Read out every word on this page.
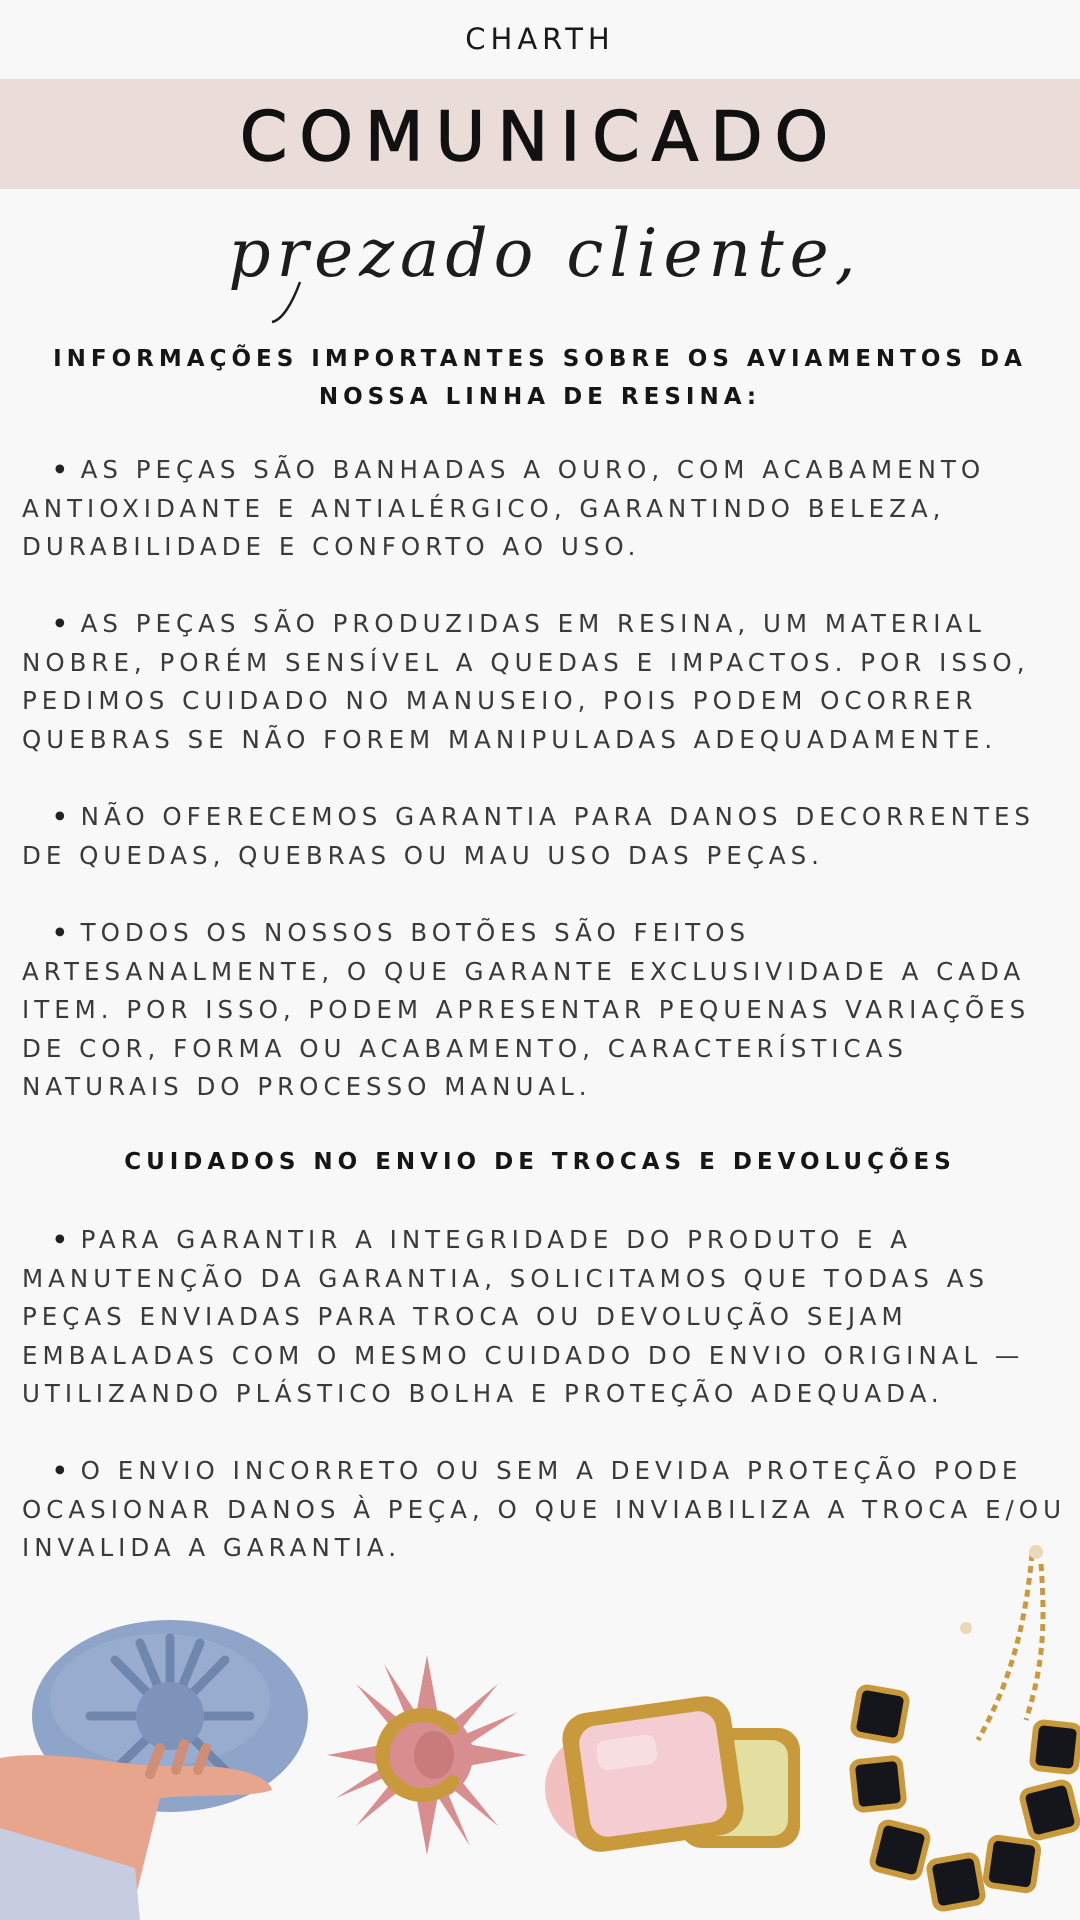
CHARTH
COMUNICADO
prezado cliente,
INFORMAÇÕES IMPORTANTES SOBRE OS AVIAMENTOS DA
NOSSA LINHA DE RESINA:

• AS PEÇAS SÃO BANHADAS A OURO, COM ACABAMENTO ANTIOXIDANTE E ANTIALÉRGICO, GARANTINDO BELEZA, DURABILIDADE E CONFORTO AO USO.

• AS PEÇAS SÃO PRODUZIDAS EM RESINA, UM MATERIAL NOBRE, PORÉM SENSÍVEL A QUEDAS E IMPACTOS. POR ISSO, PEDIMOS CUIDADO NO MANUSEIO, POIS PODEM OCORRER QUEBRAS SE NÃO FOREM MANIPULADAS ADEQUADAMENTE.

• NÃO OFERECEMOS GARANTIA PARA DANOS DECORRENTES DE QUEDAS, QUEBRAS OU MAU USO DAS PEÇAS.

• TODOS OS NOSSOS BOTÕES SÃO FEITOS ARTESANALMENTE, O QUE GARANTE EXCLUSIVIDADE A CADA ITEM. POR ISSO, PODEM APRESENTAR PEQUENAS VARIAÇÕES DE COR, FORMA OU ACABAMENTO, CARACTERÍSTICAS NATURAIS DO PROCESSO MANUAL.

CUIDADOS NO ENVIO DE TROCAS E DEVOLUÇÕES

• PARA GARANTIR A INTEGRIDADE DO PRODUTO E A MANUTENÇÃO DA GARANTIA, SOLICITAMOS QUE TODAS AS PEÇAS ENVIADAS PARA TROCA OU DEVOLUÇÃO SEJAM EMBALADAS COM O MESMO CUIDADO DO ENVIO ORIGINAL — UTILIZANDO PLÁSTICO BOLHA E PROTEÇÃO ADEQUADA.

• O ENVIO INCORRETO OU SEM A DEVIDA PROTEÇÃO PODE OCASIONAR DANOS À PEÇA, O QUE INVIABILIZA A TROCA E/OU INVALIDA A GARANTIA.
